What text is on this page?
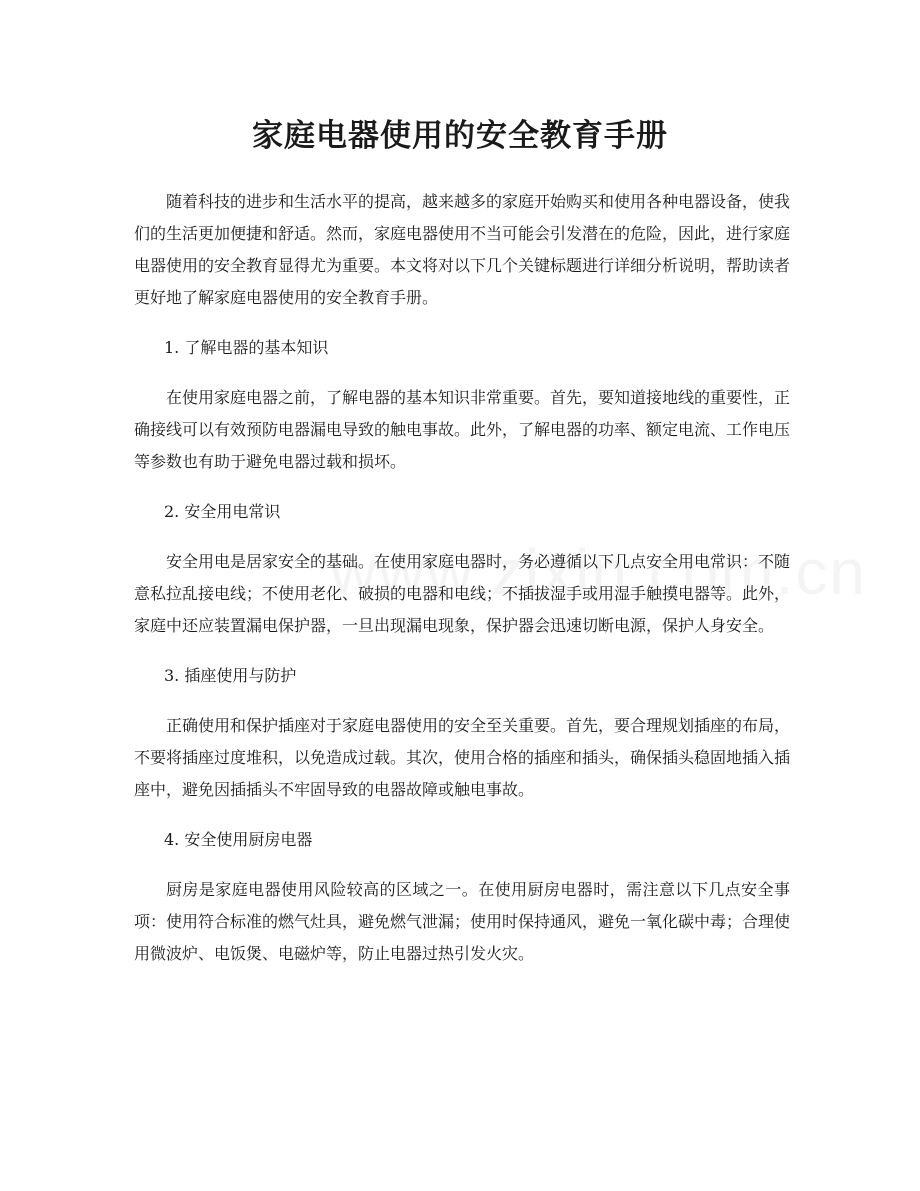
家庭电器使用的安全教育手册

随着科技的进步和生活水平的提高，越来越多的家庭开始购买和使用各种电器设备，使我们的生活更加便捷和舒适。然而，家庭电器使用不当可能会引发潜在的危险，因此，进行家庭电器使用的安全教育显得尤为重要。本文将对以下几个关键标题进行详细分析说明，帮助读者更好地了解家庭电器使用的安全教育手册。

1. 了解电器的基本知识

在使用家庭电器之前，了解电器的基本知识非常重要。首先，要知道接地线的重要性，正确接线可以有效预防电器漏电导致的触电事故。此外，了解电器的功率、额定电流、工作电压等参数也有助于避免电器过载和损坏。

2. 安全用电常识

安全用电是居家安全的基础。在使用家庭电器时，务必遵循以下几点安全用电常识：不随意私拉乱接电线；不使用老化、破损的电器和电线；不插拔湿手或用湿手触摸电器等。此外，家庭中还应装置漏电保护器，一旦出现漏电现象，保护器会迅速切断电源，保护人身安全。

3. 插座使用与防护

正确使用和保护插座对于家庭电器使用的安全至关重要。首先，要合理规划插座的布局，不要将插座过度堆积，以免造成过载。其次，使用合格的插座和插头，确保插头稳固地插入插座中，避免因插插头不牢固导致的电器故障或触电事故。

4. 安全使用厨房电器

厨房是家庭电器使用风险较高的区域之一。在使用厨房电器时，需注意以下几点安全事项：使用符合标准的燃气灶具，避免燃气泄漏；使用时保持通风，避免一氧化碳中毒；合理使用微波炉、电饭煲、电磁炉等，防止电器过热引发火灾。
